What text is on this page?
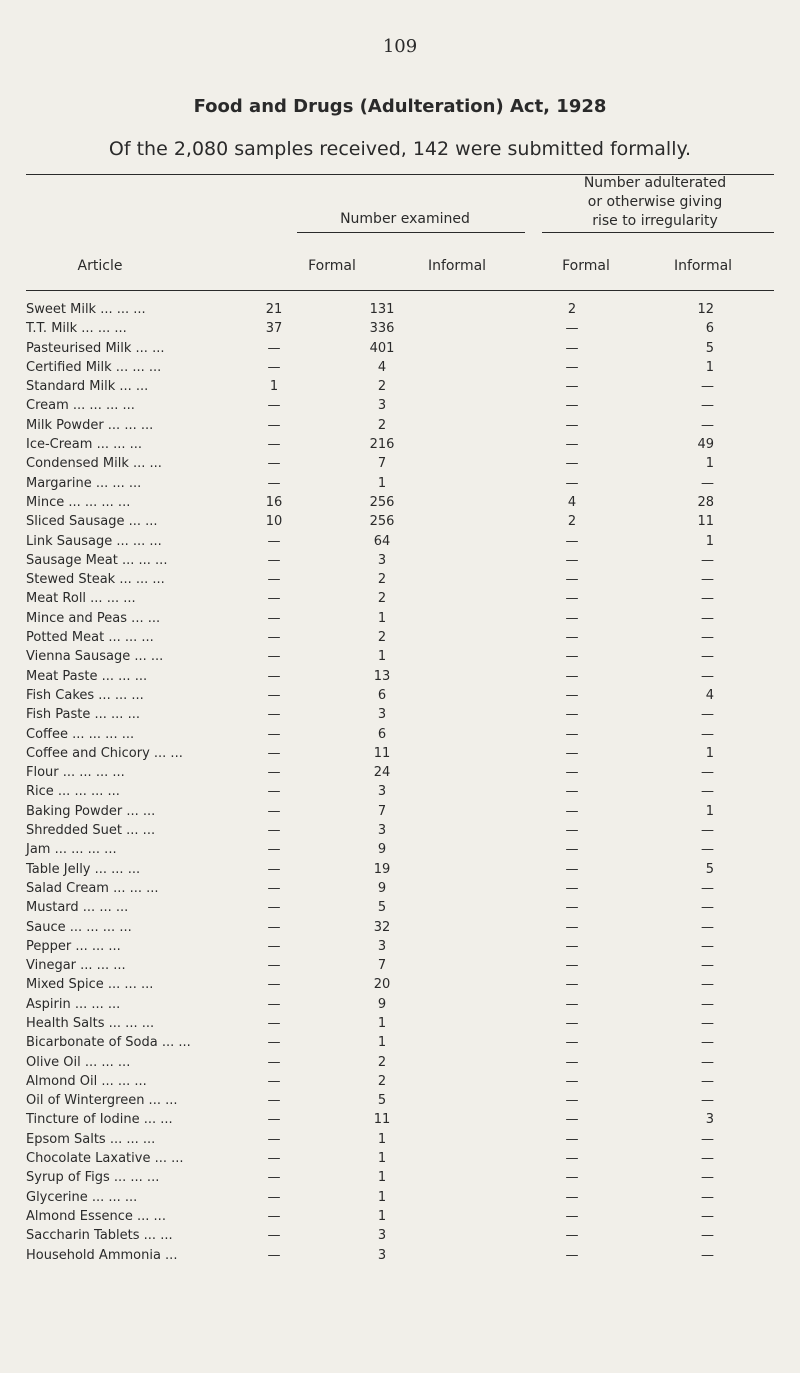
109
Food and Drugs (Adulteration) Act, 1928
Of the 2,080 samples received, 142 were submitted formally.
Number examined
Number adulterated
or otherwise giving
rise to irregularity
Article	Formal	Informal	Formal	Informal
Sweet Milk ... ... ...	21	131	2	12
T.T. Milk ... ... ...	37	336	—	6
Pasteurised Milk ... ...	—	401	—	5
Certified Milk ... ... ...	—	4	—	1
Standard Milk ... ...	1	2	—	—
Cream ... ... ... ...	—	3	—	—
Milk Powder ... ... ...	—	2	—	—
Ice-Cream ... ... ...	—	216	—	49
Condensed Milk ... ...	—	7	—	1
Margarine ... ... ...	—	1	—	—
Mince ... ... ... ...	16	256	4	28
Sliced Sausage ... ...	10	256	2	11
Link Sausage ... ... ...	—	64	—	1
Sausage Meat ... ... ...	—	3	—	—
Stewed Steak ... ... ...	—	2	—	—
Meat Roll ... ... ...	—	2	—	—
Mince and Peas ... ...	—	1	—	—
Potted Meat ... ... ...	—	2	—	—
Vienna Sausage ... ...	—	1	—	—
Meat Paste ... ... ...	—	13	—	—
Fish Cakes ... ... ...	—	6	—	4
Fish Paste ... ... ...	—	3	—	—
Coffee ... ... ... ...	—	6	—	—
Coffee and Chicory ... ...	—	11	—	1
Flour ... ... ... ...	—	24	—	—
Rice ... ... ... ...	—	3	—	—
Baking Powder ... ...	—	7	—	1
Shredded Suet ... ...	—	3	—	—
Jam ... ... ... ...	—	9	—	—
Table Jelly ... ... ...	—	19	—	5
Salad Cream ... ... ...	—	9	—	—
Mustard ... ... ...	—	5	—	—
Sauce ... ... ... ...	—	32	—	—
Pepper ... ... ...	—	3	—	—
Vinegar ... ... ...	—	7	—	—
Mixed Spice ... ... ...	—	20	—	—
Aspirin ... ... ...	—	9	—	—
Health Salts ... ... ...	—	1	—	—
Bicarbonate of Soda ... ...	—	1	—	—
Olive Oil ... ... ...	—	2	—	—
Almond Oil ... ... ...	—	2	—	—
Oil of Wintergreen ... ...	—	5	—	—
Tincture of Iodine ... ...	—	11	—	3
Epsom Salts ... ... ...	—	1	—	—
Chocolate Laxative ... ...	—	1	—	—
Syrup of Figs ... ... ...	—	1	—	—
Glycerine ... ... ...	—	1	—	—
Almond Essence ... ...	—	1	—	—
Saccharin Tablets ... ...	—	3	—	—
Household Ammonia ...	—	3	—	—
